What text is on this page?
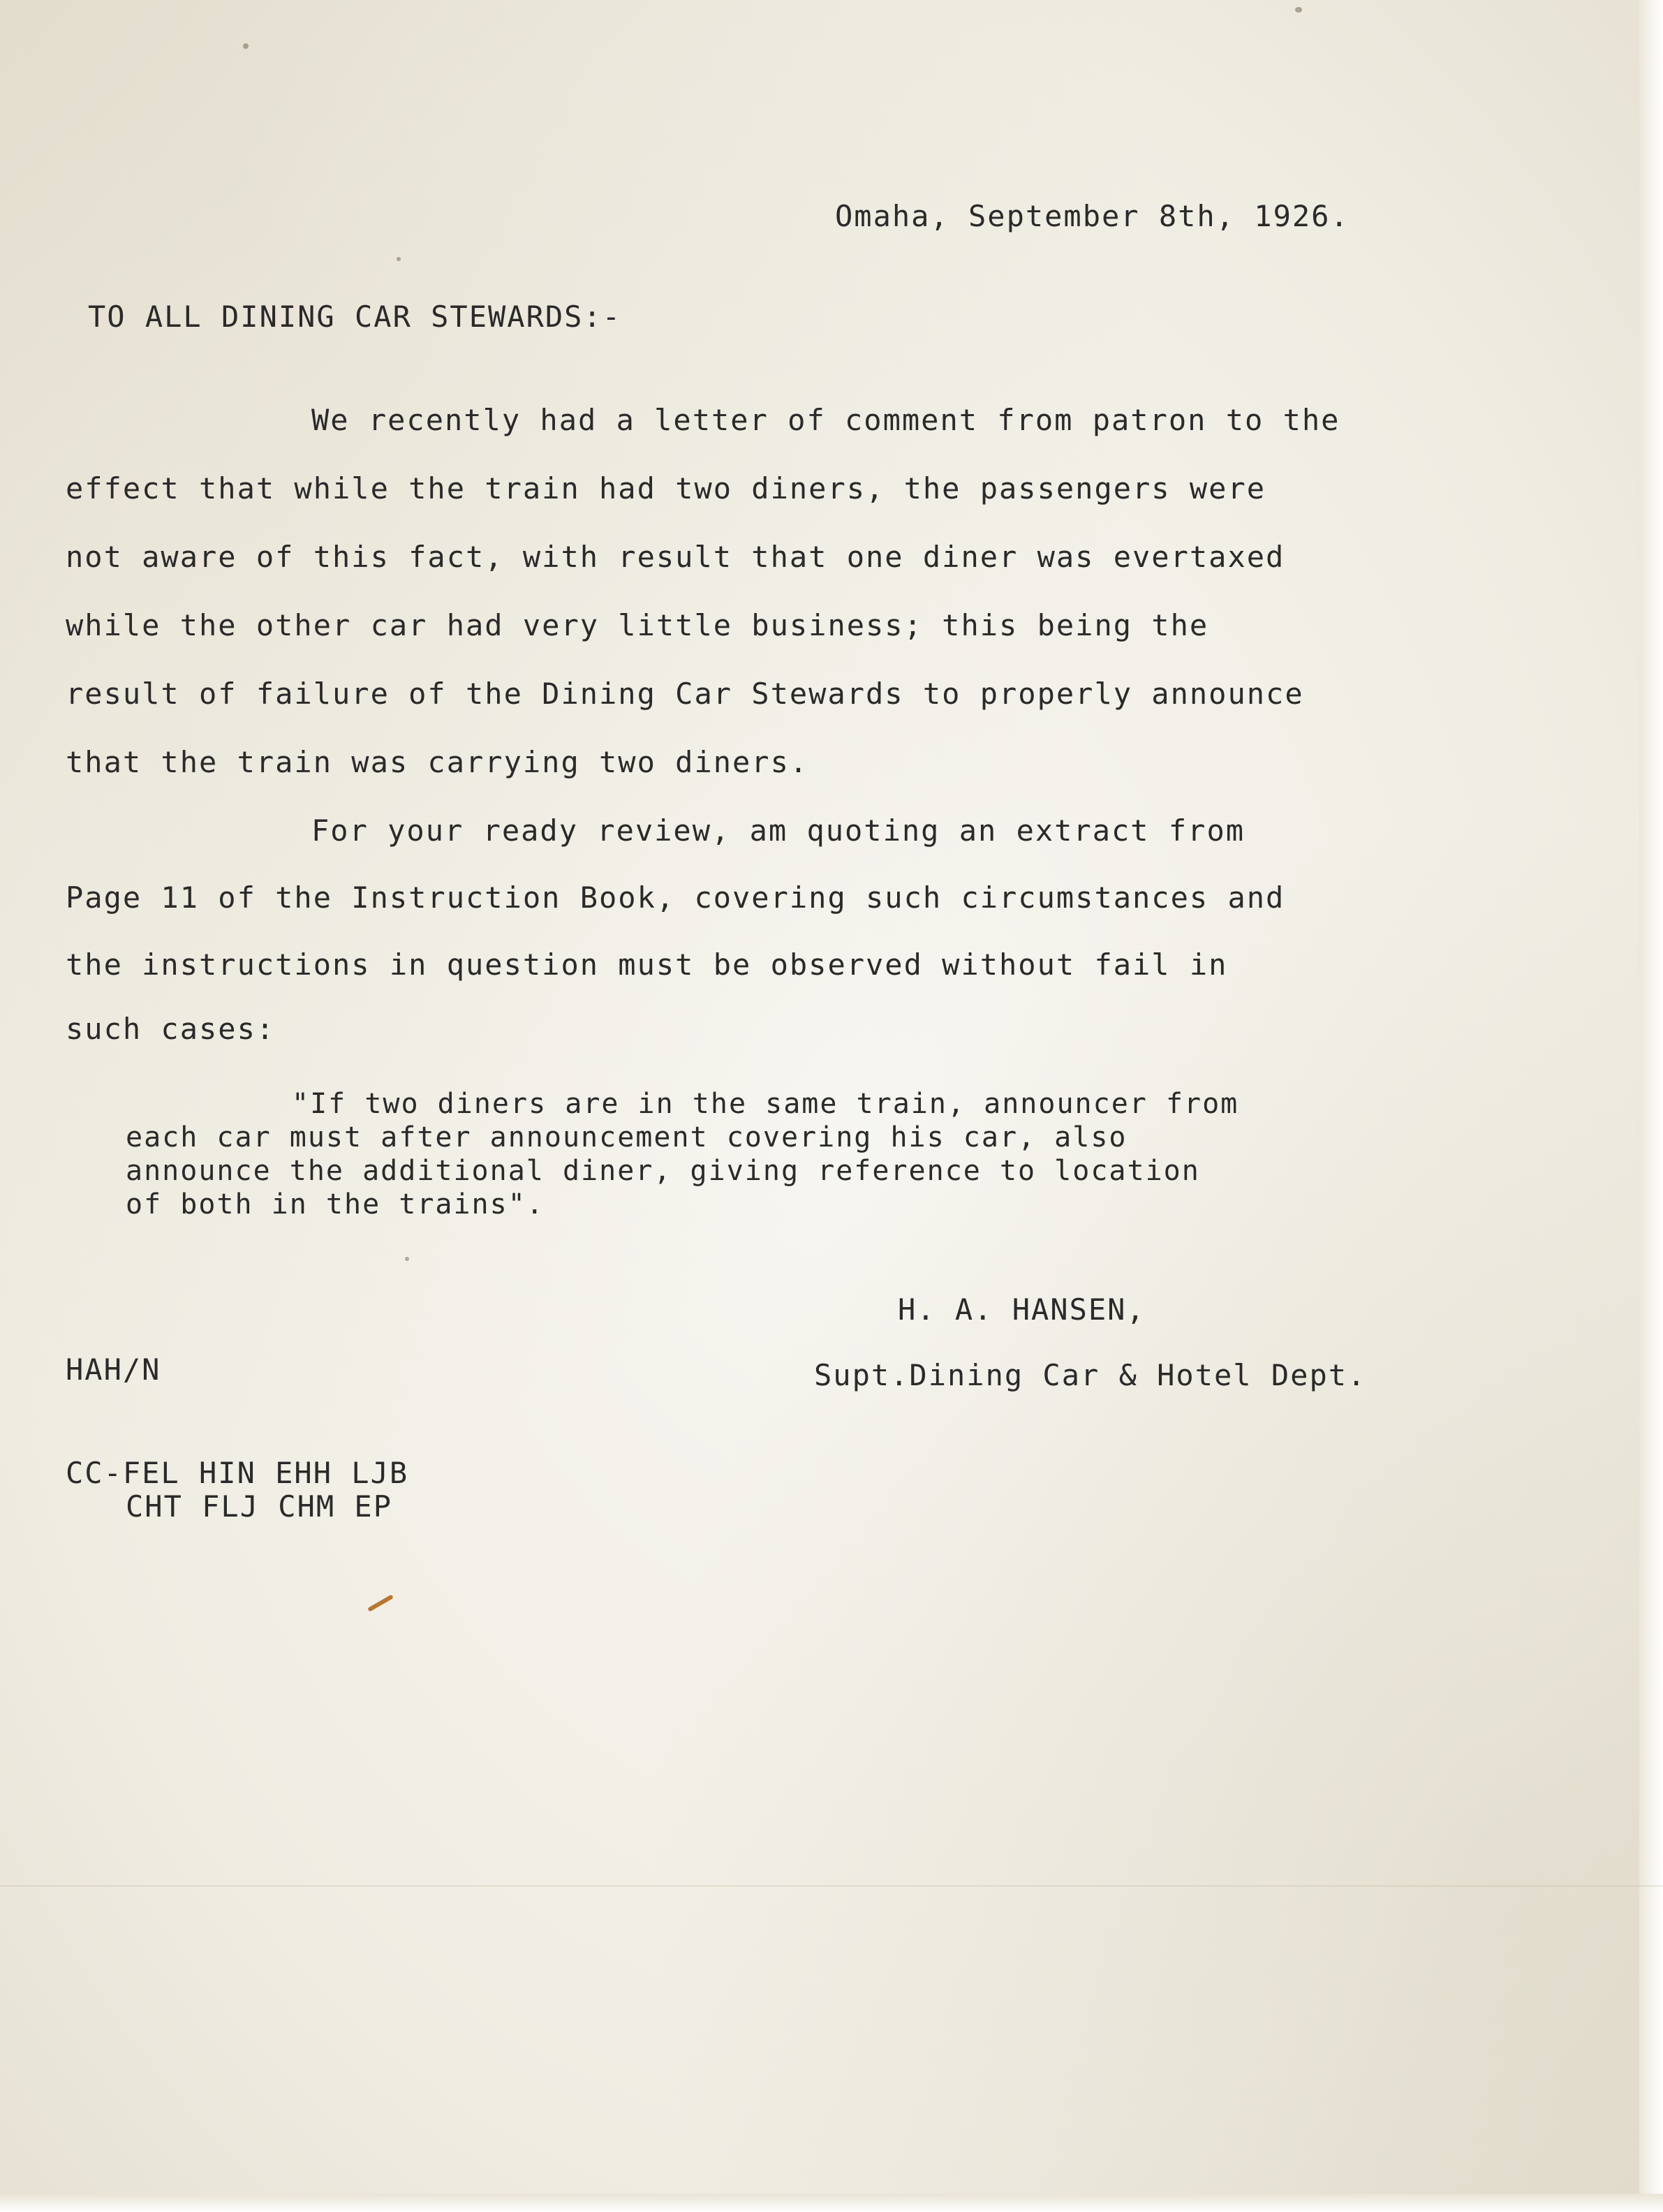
Omaha, September 8th, 1926.
TO ALL DINING CAR STEWARDS:-
We recently had a letter of comment from patron to the
effect that while the train had two diners, the passengers were
not aware of this fact, with result that one diner was evertaxed
while the other car had very little business; this being the
result of failure of the Dining Car Stewards to properly announce
that the train was carrying two diners.
For your ready review, am quoting an extract from
Page 11 of the Instruction Book, covering such circumstances and
the instructions in question must be observed without fail in
such cases:
"If two diners are in the same train, announcer from
each car must after announcement covering his car, also
announce the additional diner, giving reference to location
of both in the trains".
H. A. HANSEN,
Supt.Dining Car & Hotel Dept.
HAH/N
CC-FEL HIN EHH LJB
CHT FLJ CHM EP
